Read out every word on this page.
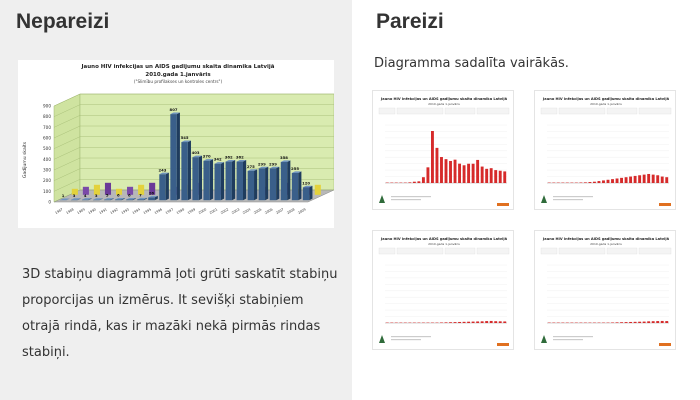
Nepareizi
Jauno HIV infekcijas un AIDS gadījumu skaita dinamika Latvijā
2010.gada 1.janvāris
("Slimību profilakses un kontroles centrs")
0
100
200
300
400
500
600
700
800
900
Gadījumu skaits
1
1987
3
1988
4
1989
3
1990
5
1991
6
1992
6
1993
7
1994
26
1995
243
1996
807
1997
545
1998
403
1999
370
2000
342
2001
362
2002
362
2003
275
2004
299
2005
299
2006
358
2007
255
2008
120
2009
3D stabiņu diagrammā ļoti grūti saskatīt stabiņu proporcijas un izmērus. It sevišķi stabiņiem otrajā rindā, kas ir mazāki nekā pirmās rindas stabiņi.
Pareizi
Diagramma sadalīta vairākās.
Jauno HIV infekcijas un AIDS gadījumu skaita dinamika Latvijā
2010.gada 1.janvāris
Jauno HIV infekcijas un AIDS gadījumu skaita dinamika Latvijā
2010.gada 1.janvāris
Jauno HIV infekcijas un AIDS gadījumu skaita dinamika Latvijā
2010.gada 1.janvāris
Jauno HIV infekcijas un AIDS gadījumu skaita dinamika Latvijā
2010.gada 1.janvāris
